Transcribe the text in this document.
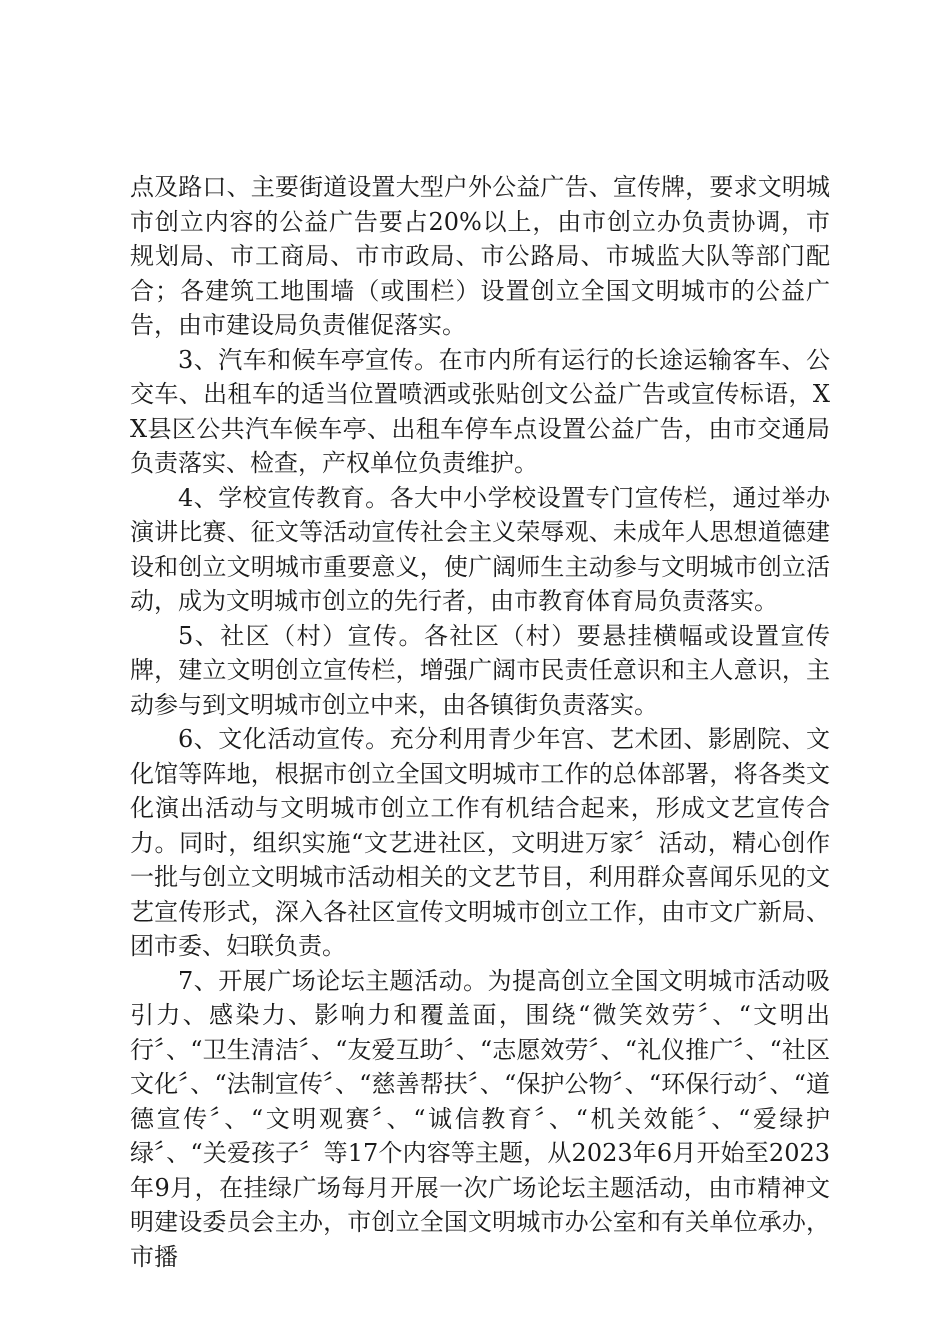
点及路口、主要街道设置大型户外公益广告、宣传牌，要求文明城市创立内容的公益广告要占20%以上，由市创立办负责协调，市规划局、市工商局、市市政局、市公路局、市城监大队等部门配合；各建筑工地围墙（或围栏）设置创立全国文明城市的公益广告，由市建设局负责催促落实。

3、汽车和候车亭宣传。在市内所有运行的长途运输客车、公交车、出租车的适当位置喷洒或张贴创文公益广告或宣传标语，XX县区公共汽车候车亭、出租车停车点设置公益广告，由市交通局负责落实、检查，产权单位负责维护。

4、学校宣传教育。各大中小学校设置专门宣传栏，通过举办演讲比赛、征文等活动宣传社会主义荣辱观、未成年人思想道德建设和创立文明城市重要意义，使广阔师生主动参与文明城市创立活动，成为文明城市创立的先行者，由市教育体育局负责落实。

5、社区（村）宣传。各社区（村）要悬挂横幅或设置宣传牌，建立文明创立宣传栏，增强广阔市民责任意识和主人意识，主动参与到文明城市创立中来，由各镇街负责落实。

6、文化活动宣传。充分利用青少年宫、艺术团、影剧院、文化馆等阵地，根据市创立全国文明城市工作的总体部署，将各类文化演出活动与文明城市创立工作有机结合起来，形成文艺宣传合力。同时，组织实施“文艺进社区，文明进万家〞活动，精心创作一批与创立文明城市活动相关的文艺节目，利用群众喜闻乐见的文艺宣传形式，深入各社区宣传文明城市创立工作，由市文广新局、团市委、妇联负责。

7、开展广场论坛主题活动。为提高创立全国文明城市活动吸引力、感染力、影响力和覆盖面，围绕“微笑效劳〞、“文明出行〞、“卫生清洁〞、“友爱互助〞、“志愿效劳〞、“礼仪推广〞、“社区文化〞、“法制宣传〞、“慈善帮扶〞、“保护公物〞、“环保行动〞、“道德宣传〞、“文明观赛〞、“诚信教育〞、“机关效能〞、“爱绿护绿〞、“关爱孩子〞等17个内容等主题，从2023年6月开始至2023年9月，在挂绿广场每月开展一次广场论坛主题活动，由市精神文明建设委员会主办，市创立全国文明城市办公室和有关单位承办，市播
